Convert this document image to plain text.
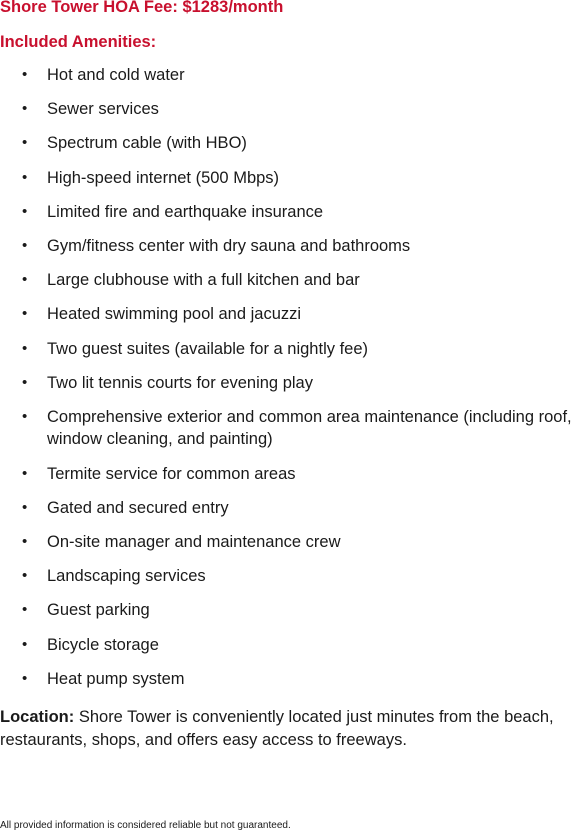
Shore Tower HOA Fee: $1283/month
Included Amenities:
• Hot and cold water
• Sewer services
• Spectrum cable (with HBO)
• High-speed internet (500 Mbps)
• Limited fire and earthquake insurance
• Gym/fitness center with dry sauna and bathrooms
• Large clubhouse with a full kitchen and bar
• Heated swimming pool and jacuzzi
• Two guest suites (available for a nightly fee)
• Two lit tennis courts for evening play
• Comprehensive exterior and common area maintenance (including roof, window cleaning, and painting)
• Termite service for common areas
• Gated and secured entry
• On-site manager and maintenance crew
• Landscaping services
• Guest parking
• Bicycle storage
• Heat pump system
Location: Shore Tower is conveniently located just minutes from the beach, restaurants, shops, and offers easy access to freeways.
All provided information is considered reliable but not guaranteed.
